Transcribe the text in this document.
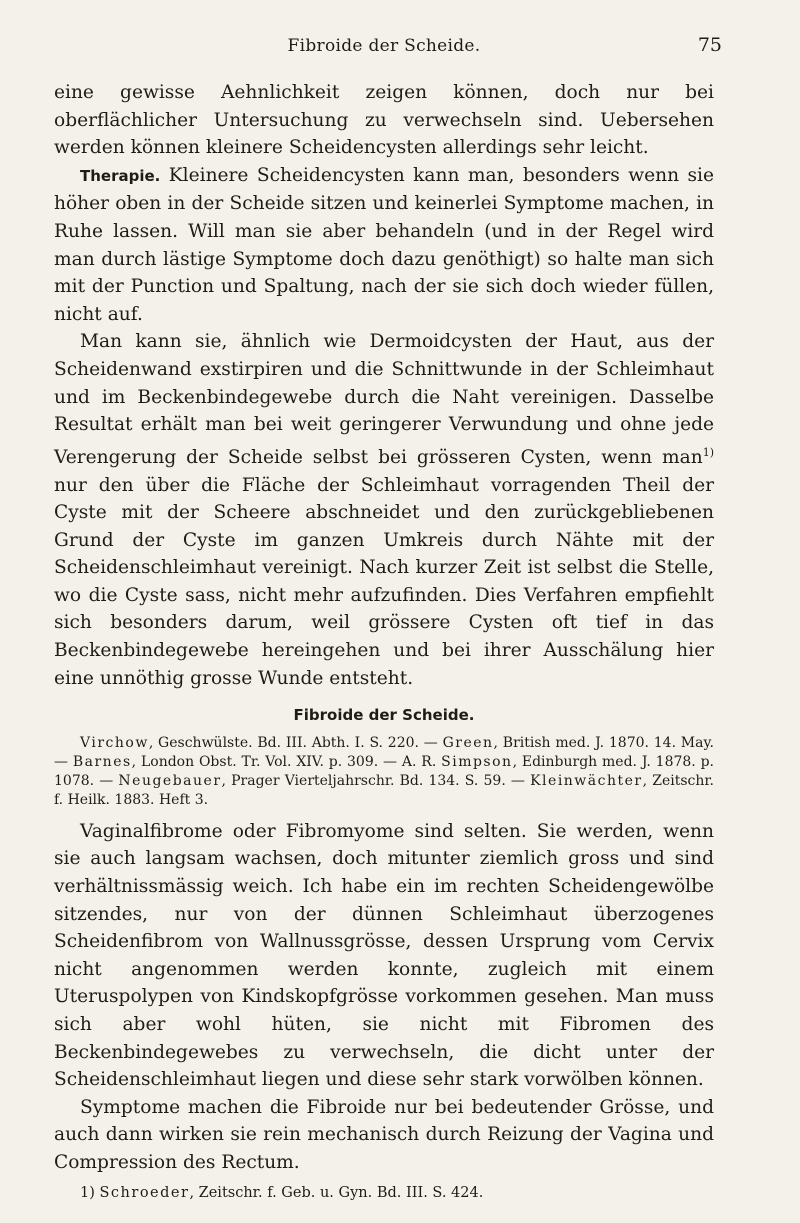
Fibroide der Scheide.	75

eine gewisse Aehnlichkeit zeigen können, doch nur bei oberflächlicher Untersuchung zu verwechseln sind. Uebersehen werden können kleinere Scheidencysten allerdings sehr leicht.

Therapie. Kleinere Scheidencysten kann man, besonders wenn sie höher oben in der Scheide sitzen und keinerlei Symptome machen, in Ruhe lassen. Will man sie aber behandeln (und in der Regel wird man durch lästige Symptome doch dazu genöthigt) so halte man sich mit der Punction und Spaltung, nach der sie sich doch wieder füllen, nicht auf.

Man kann sie, ähnlich wie Dermoidcysten der Haut, aus der Scheidenwand exstirpiren und die Schnittwunde in der Schleimhaut und im Beckenbindegewebe durch die Naht vereinigen. Dasselbe Resultat erhält man bei weit geringerer Verwundung und ohne jede Verengerung der Scheide selbst bei grösseren Cysten, wenn man$^{1)}$ nur den über die Fläche der Schleimhaut vorragenden Theil der Cyste mit der Scheere abschneidet und den zurückgebliebenen Grund der Cyste im ganzen Umkreis durch Nähte mit der Scheidenschleimhaut vereinigt. Nach kurzer Zeit ist selbst die Stelle, wo die Cyste sass, nicht mehr aufzufinden. Dies Verfahren empfiehlt sich besonders darum, weil grössere Cysten oft tief in das Beckenbindegewebe hereingehen und bei ihrer Ausschälung hier eine unnöthig grosse Wunde entsteht.

Fibroide der Scheide.

Virchow, Geschwülste. Bd. III. Abth. I. S. 220. — Green, British med. J. 1870. 14. May.— Barnes, London Obst. Tr. Vol. XIV. p. 309. — A. R. Simpson, Edinburgh med. J. 1878. p. 1078. — Neugebauer, Prager Vierteljahrschr. Bd. 134. S. 59. — Kleinwächter, Zeitschr. f. Heilk. 1883. Heft 3.

Vaginalfibrome oder Fibromyome sind selten. Sie werden, wenn sie auch langsam wachsen, doch mitunter ziemlich gross und sind verhältnissmässig weich. Ich habe ein im rechten Scheidengewölbe sitzendes, nur von der dünnen Schleimhaut überzogenes Scheidenfibrom von Wallnussgrösse, dessen Ursprung vom Cervix nicht angenommen werden konnte, zugleich mit einem Uteruspolypen von Kindskopfgrösse vorkommen gesehen. Man muss sich aber wohl hüten, sie nicht mit Fibromen des Beckenbindegewebes zu verwechseln, die dicht unter der Scheidenschleimhaut liegen und diese sehr stark vorwölben können.

Symptome machen die Fibroide nur bei bedeutender Grösse, und auch dann wirken sie rein mechanisch durch Reizung der Vagina und Compression des Rectum.

1) Schroeder, Zeitschr. f. Geb. u. Gyn. Bd. III. S. 424.
